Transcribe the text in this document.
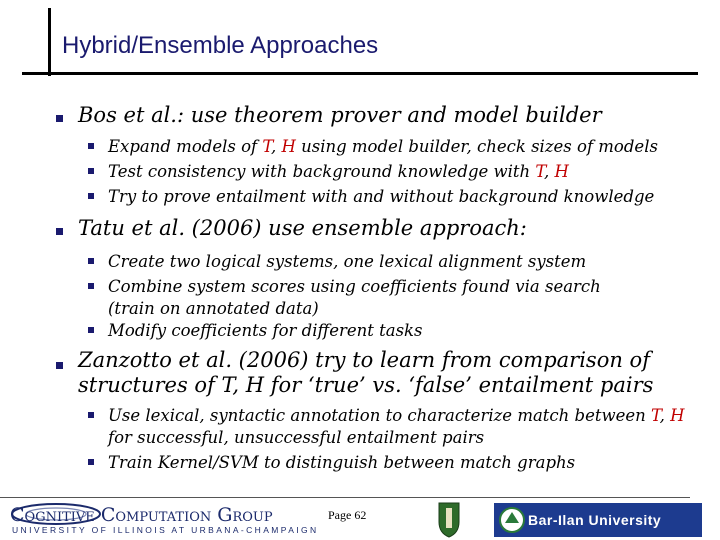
Hybrid/Ensemble Approaches
Bos et al.: use theorem prover and model builder
Expand models of T, H using model builder, check sizes of models
Test consistency with background knowledge with T, H
Try to prove entailment with and without background knowledge
Tatu et al. (2006) use ensemble approach:
Create two logical systems, one lexical alignment system
Combine system scores using coefficients found via search
(train on annotated data)
Modify coefficients for different tasks
Zanzotto et al. (2006) try to learn from comparison of
structures of T, H for ‘true’ vs. ‘false’ entailment pairs
Use lexical, syntactic annotation to characterize match between T, H
for successful, unsuccessful entailment pairs
Train Kernel/SVM to distinguish between match graphs
Cognitive Computation Group
UNIVERSITY OF ILLINOIS AT URBANA-CHAMPAIGN
Page 62	Bar-Ilan University
